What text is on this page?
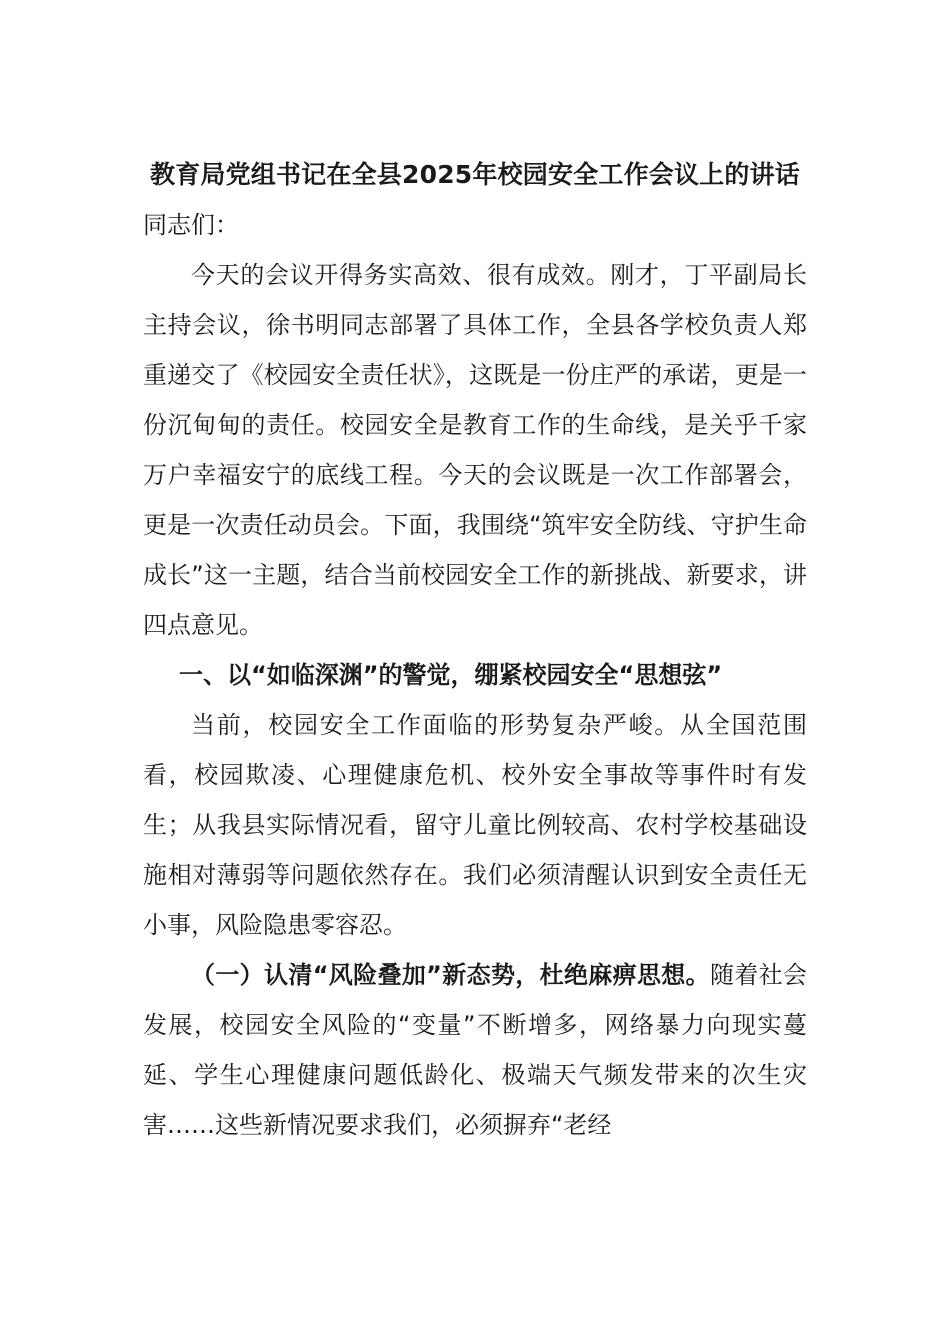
教育局党组书记在全县2025年校园安全工作会议上的讲话

同志们：

今天的会议开得务实高效、很有成效。刚才，丁平副局长主持会议，徐书明同志部署了具体工作，全县各学校负责人郑重递交了《校园安全责任状》，这既是一份庄严的承诺，更是一份沉甸甸的责任。校园安全是教育工作的生命线，是关乎千家万户幸福安宁的底线工程。今天的会议既是一次工作部署会，更是一次责任动员会。下面，我围绕“筑牢安全防线、守护生命成长”这一主题，结合当前校园安全工作的新挑战、新要求，讲四点意见。

一、以“如临深渊”的警觉，绷紧校园安全“思想弦”

当前，校园安全工作面临的形势复杂严峻。从全国范围看，校园欺凌、心理健康危机、校外安全事故等事件时有发生；从我县实际情况看，留守儿童比例较高、农村学校基础设施相对薄弱等问题依然存在。我们必须清醒认识到安全责任无小事，风险隐患零容忍。

（一）认清“风险叠加”新态势，杜绝麻痹思想。随着社会发展，校园安全风险的“变量”不断增多，网络暴力向现实蔓延、学生心理健康问题低龄化、极端天气频发带来的次生灾害……这些新情况要求我们，必须摒弃“老经
